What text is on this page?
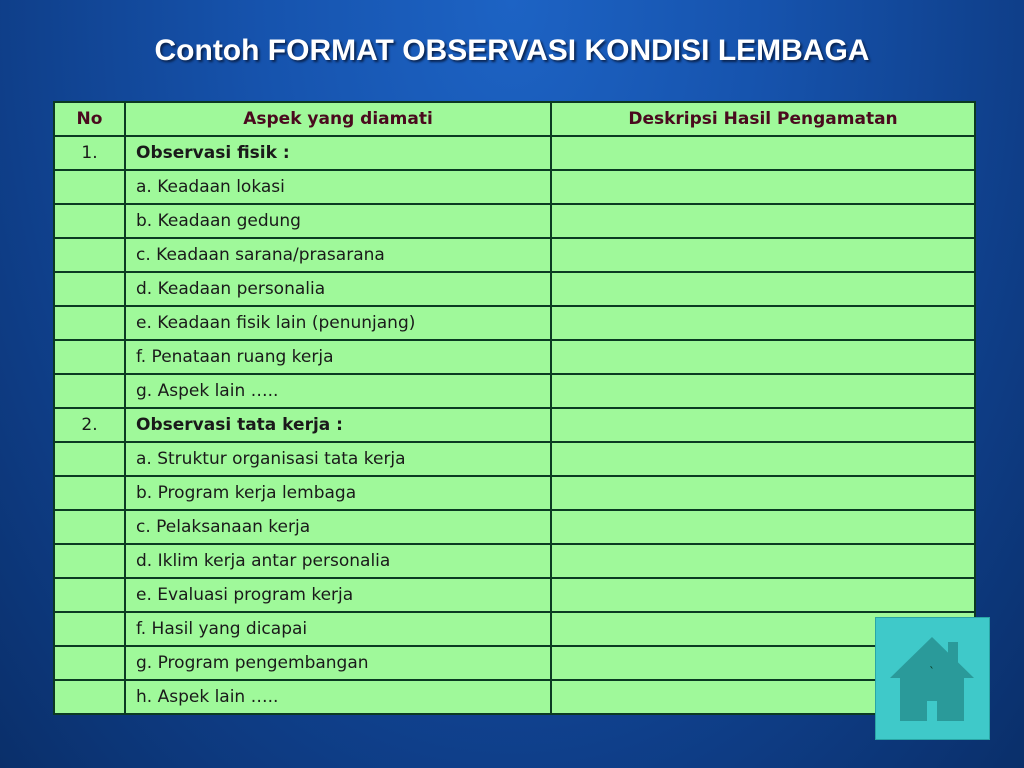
Contoh FORMAT OBSERVASI KONDISI LEMBAGA
No	Aspek yang diamati	Deskripsi Hasil Pengamatan
1.	Observasi fisik :	
	a. Keadaan lokasi	
	b. Keadaan gedung	
	c. Keadaan sarana/prasarana	
	d. Keadaan personalia	
	e. Keadaan fisik lain (penunjang)	
	f. Penataan ruang kerja	
	g. Aspek lain …..	
2.	Observasi tata kerja :	
	a. Struktur organisasi tata kerja	
	b. Program kerja lembaga	
	c. Pelaksanaan kerja	
	d. Iklim kerja antar personalia	
	e. Evaluasi program kerja	
	f. Hasil yang dicapai	
	g. Program pengembangan	
	h. Aspek lain …..	
`
